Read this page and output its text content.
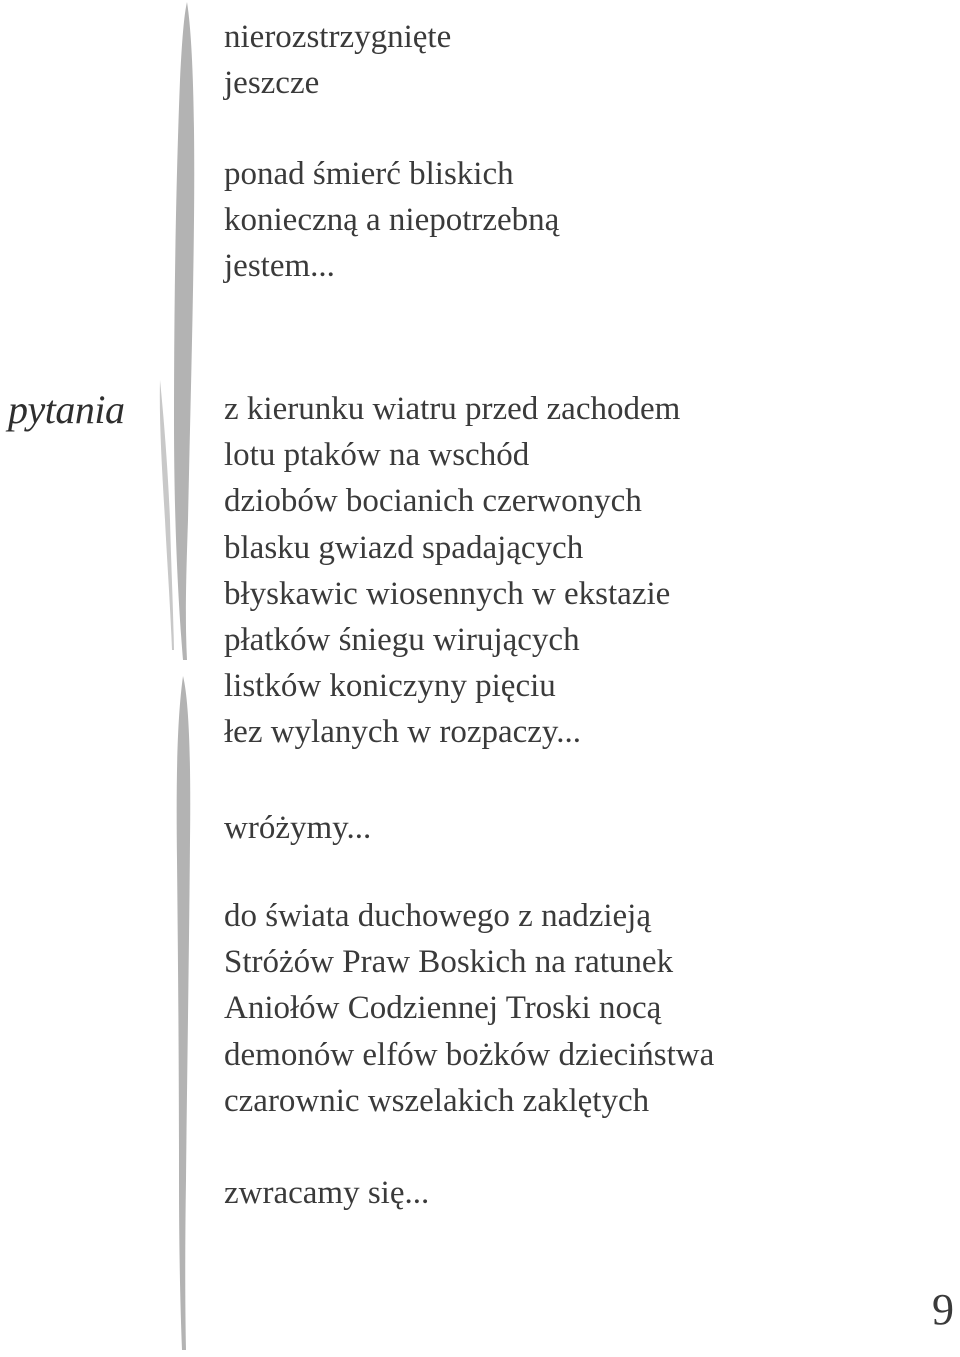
pytania
nierozstrzygnięte
jeszcze
ponad śmierć bliskich
konieczną a niepotrzebną
jestem...
z kierunku wiatru przed zachodem
lotu ptaków na wschód
dziobów bocianich czerwonych
blasku gwiazd spadających
błyskawic wiosennych w ekstazie
płatków śniegu wirujących
listków koniczyny pięciu
łez wylanych w rozpaczy...
wróżymy...
do świata duchowego z nadzieją
Stróżów Praw Boskich na ratunek
Aniołów Codziennej Troski nocą
demonów elfów bożków dzieciństwa
czarownic wszelakich zaklętych
zwracamy się...
9
